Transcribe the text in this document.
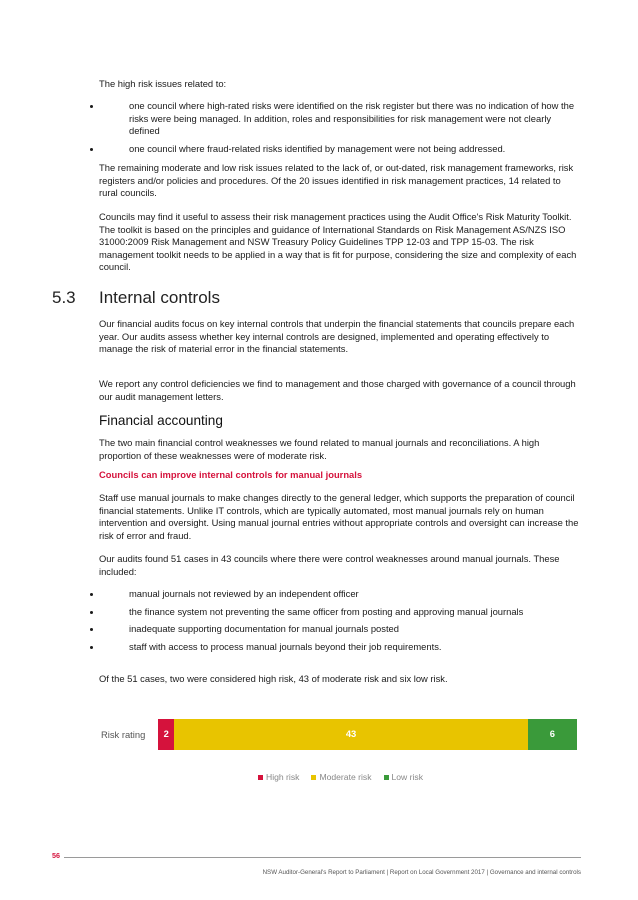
The high risk issues related to:

one council where high-rated risks were identified on the risk register but there was no indication of how the risks were being managed. In addition, roles and responsibilities for risk management were not clearly defined
one council where fraud-related risks identified by management were not being addressed.

The remaining moderate and low risk issues related to the lack of, or out-dated, risk management frameworks, risk registers and/or policies and procedures. Of the 20 issues identified in risk management practices, 14 related to rural councils.

Councils may find it useful to assess their risk management practices using the Audit Office's Risk Maturity Toolkit. The toolkit is based on the principles and guidance of International Standards on Risk Management AS/NZS ISO 31000:2009 Risk Management and NSW Treasury Policy Guidelines TPP 12-03 and TPP 15-03. The risk management toolkit needs to be applied in a way that is fit for purpose, considering the size and complexity of each council.

5.3 Internal controls

Our financial audits focus on key internal controls that underpin the financial statements that councils prepare each year. Our audits assess whether key internal controls are designed, implemented and operating effectively to manage the risk of material error in the financial statements.

We report any control deficiencies we find to management and those charged with governance of a council through our audit management letters.

Financial accounting

The two main financial control weaknesses we found related to manual journals and reconciliations. A high proportion of these weaknesses were of moderate risk.

Councils can improve internal controls for manual journals

Staff use manual journals to make changes directly to the general ledger, which supports the preparation of council financial statements. Unlike IT controls, which are typically automated, most manual journals rely on human intervention and oversight. Using manual journal entries without appropriate controls and oversight can increase the risk of error and fraud.

Our audits found 51 cases in 43 councils where there were control weaknesses around manual journals. These included:

manual journals not reviewed by an independent officer
the finance system not preventing the same officer from posting and approving manual journals
inadequate supporting documentation for manual journals posted
staff with access to process manual journals beyond their job requirements.

Of the 51 cases, two were considered high risk, 43 of moderate risk and six low risk.

Risk rating 2	43	6
High risk Moderate risk Low risk
56
NSW Auditor-General's Report to Parliament | Report on Local Government 2017 | Governance and internal controls
